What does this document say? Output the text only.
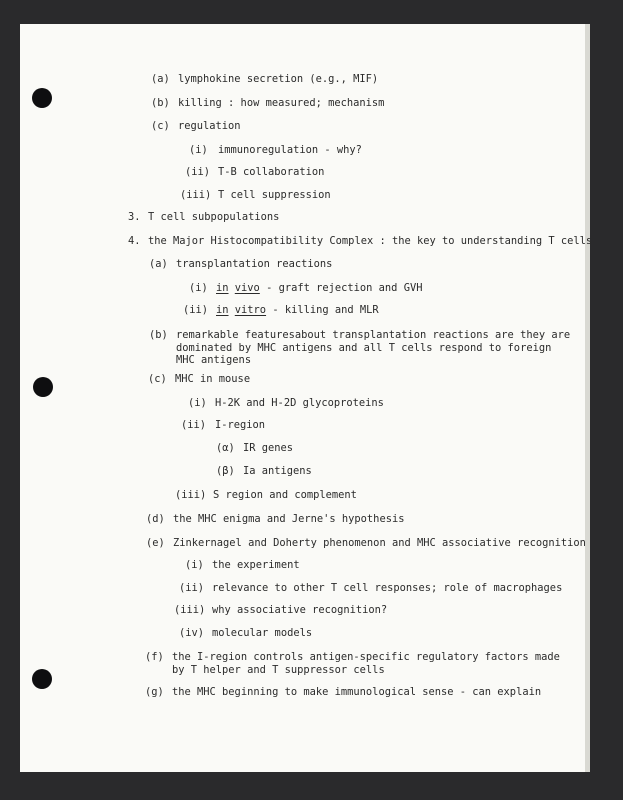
(a) lymphokine secretion (e.g., MIF)
(b) killing : how measured; mechanism
(c) regulation
(i) immunoregulation - why?
(ii) T-B collaboration
(iii) T cell suppression
3. T cell subpopulations
4. the Major Histocompatibility Complex : the key to understanding T cells
(a) transplantation reactions
(i) in vivo - graft rejection and GVH
(ii) in vitro - killing and MLR
(b) remarkable featuresabout transplantation reactions are they are
dominated by MHC antigens and all T cells respond to foreign
MHC antigens
(c) MHC in mouse
(i) H-2K and H-2D glycoproteins
(ii) I-region
(α) IR genes
(β) Ia antigens
(iii) S region and complement
(d) the MHC enigma and Jerne's hypothesis
(e) Zinkernagel and Doherty phenomenon and MHC associative recognition
(i) the experiment
(ii) relevance to other T cell responses; role of macrophages
(iii) why associative recognition?
(iv) molecular models
(f) the I-region controls antigen-specific regulatory factors made
by T helper and T suppressor cells
(g) the MHC beginning to make immunological sense - can explain
